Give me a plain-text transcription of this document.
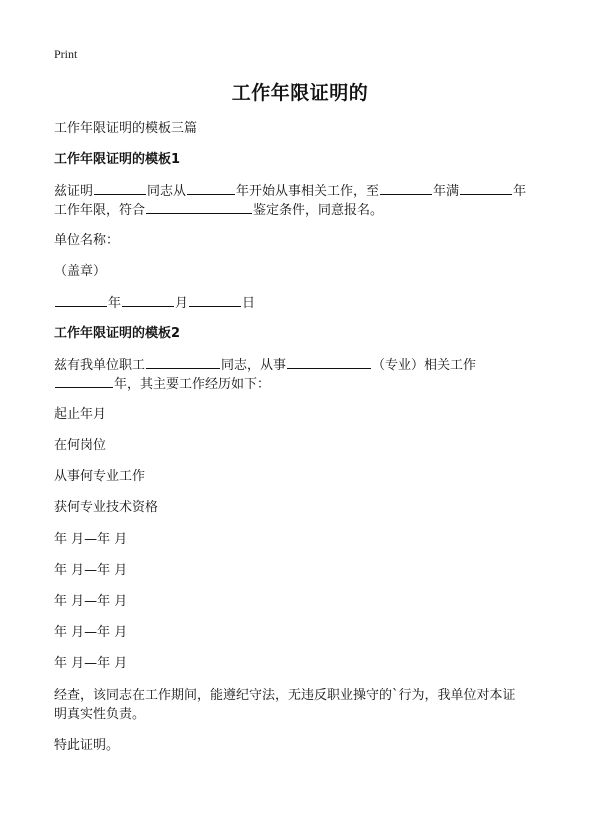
Print
工作年限证明的
工作年限证明的模板三篇
工作年限证明的模板1
兹证明	同志从	年开始从事相关工作，至	年满	年
工作年限，符合	鉴定条件，同意报名。
单位名称：
（盖章）
年	月	日
工作年限证明的模板2
兹有我单位职工	同志，从事	（专业）相关工作
年，其主要工作经历如下：
起止年月
在何岗位
从事何专业工作
获何专业技术资格
年 月—年 月
年 月—年 月
年 月—年 月
年 月—年 月
年 月—年 月
经查，该同志在工作期间，能遵纪守法，无违反职业操守的`行为，我单位对本证
明真实性负责。
特此证明。
